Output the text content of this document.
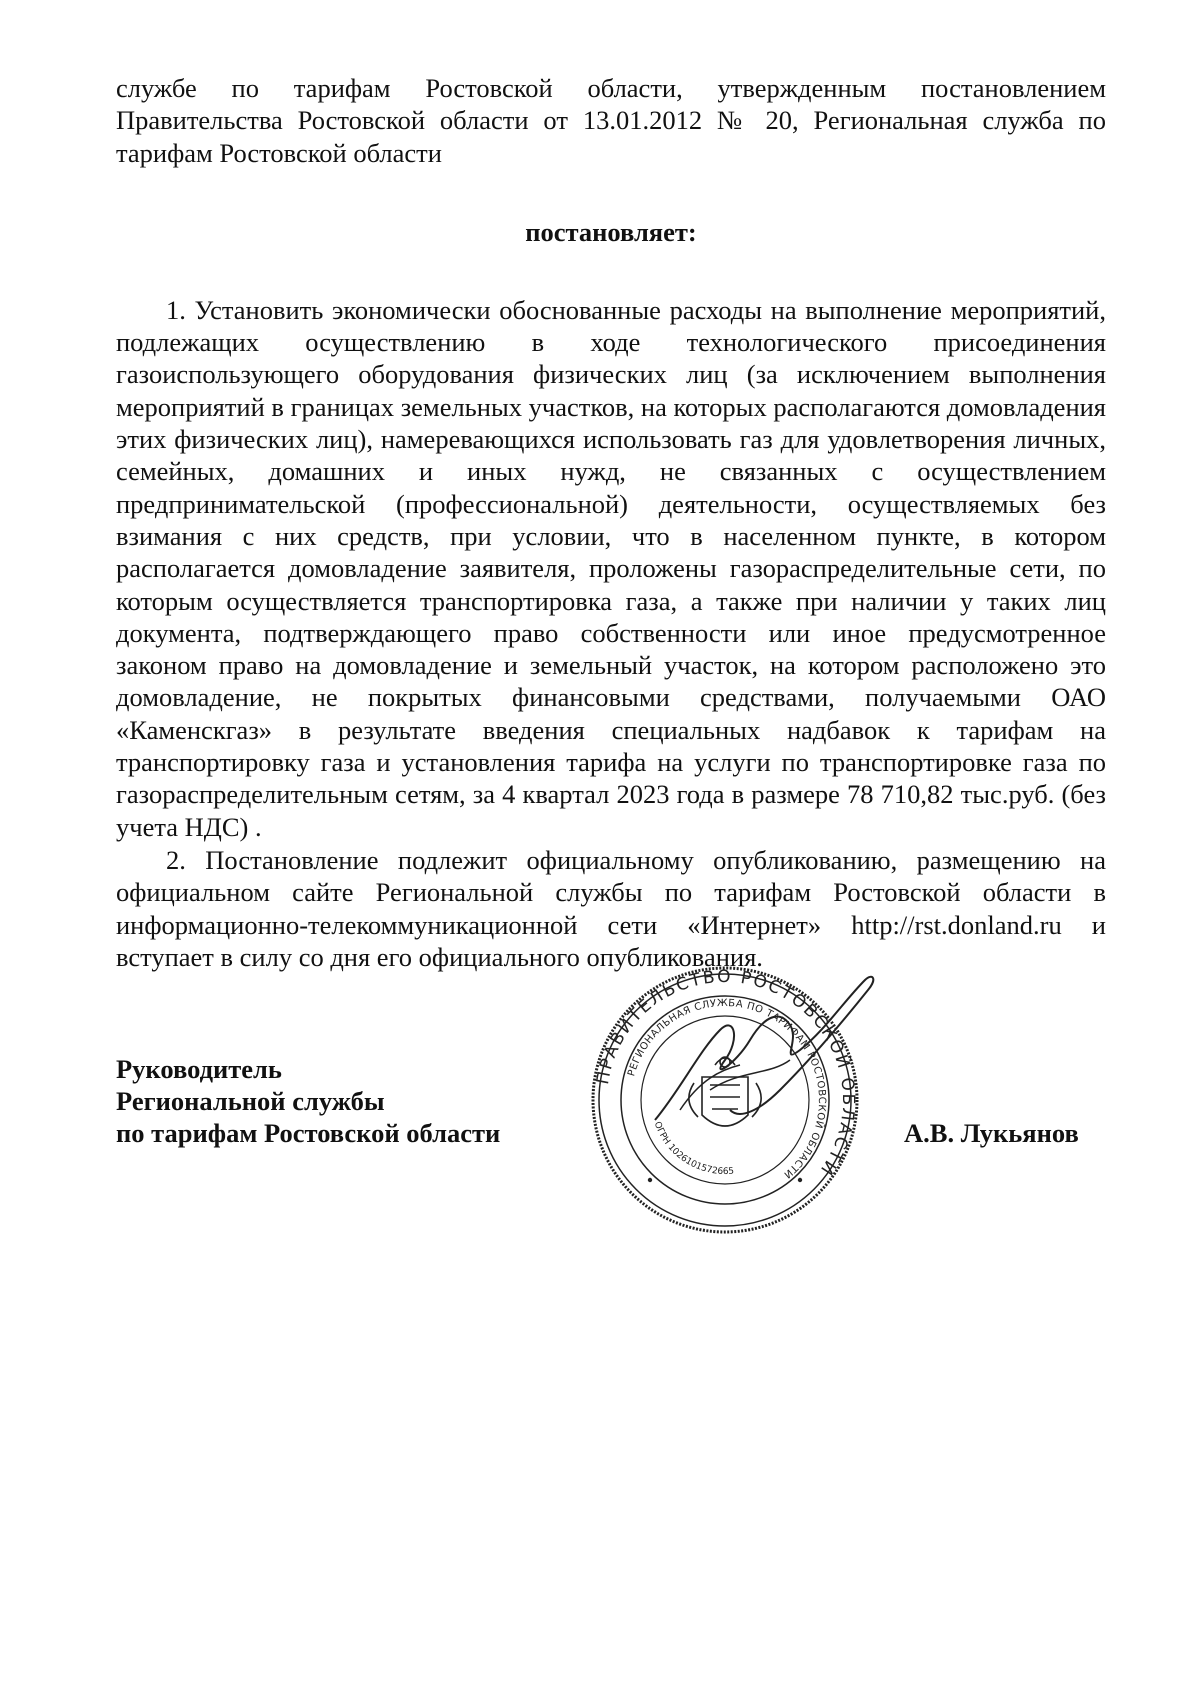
службе по тарифам Ростовской области, утвержденным постановлением Правительства Ростовской области от 13.01.2012 № 20, Региональная служба по тарифам Ростовской области

постановляет:

1. Установить экономически обоснованные расходы на выполнение мероприятий, подлежащих осуществлению в ходе технологического присоединения газоиспользующего оборудования физических лиц (за исключением выполнения мероприятий в границах земельных участков, на которых располагаются домовладения этих физических лиц), намеревающихся использовать газ для удовлетворения личных, семейных, домашних и иных нужд, не связанных с осуществлением предпринимательской (профессиональной) деятельности, осуществляемых без взимания с них средств, при условии, что в населенном пункте, в котором располагается домовладение заявителя, проложены газораспределительные сети, по которым осуществляется транспортировка газа, а также при наличии у таких лиц документа, подтверждающего право собственности или иное предусмотренное законом право на домовладение и земельный участок, на котором расположено это домовладение, не покрытых финансовыми средствами, получаемыми ОАО «Каменскгаз» в результате введения специальных надбавок к тарифам на транспортировку газа и установления тарифа на услуги по транспортировке газа по газораспределительным сетям, за 4 квартал 2023 года в размере 78 710,82 тыс.руб. (без учета НДС) .

2. Постановление подлежит официальному опубликованию, размещению на официальном сайте Региональной службы по тарифам Ростовской области в информационно-телекоммуникационной сети «Интернет» http://rst.donland.ru и вступает в силу со дня его официального опубликования.

Руководитель
Региональной службы
по тарифам Ростовской области	А.В. Лукьянов
ПРАВИТЕЛЬСТВО РОСТОВСКОЙ ОБЛАСТИ
РЕГИОНАЛЬНАЯ СЛУЖБА ПО ТАРИФАМ РОСТОВСКОЙ ОБЛАСТИ
ОГРН 1026101572665
